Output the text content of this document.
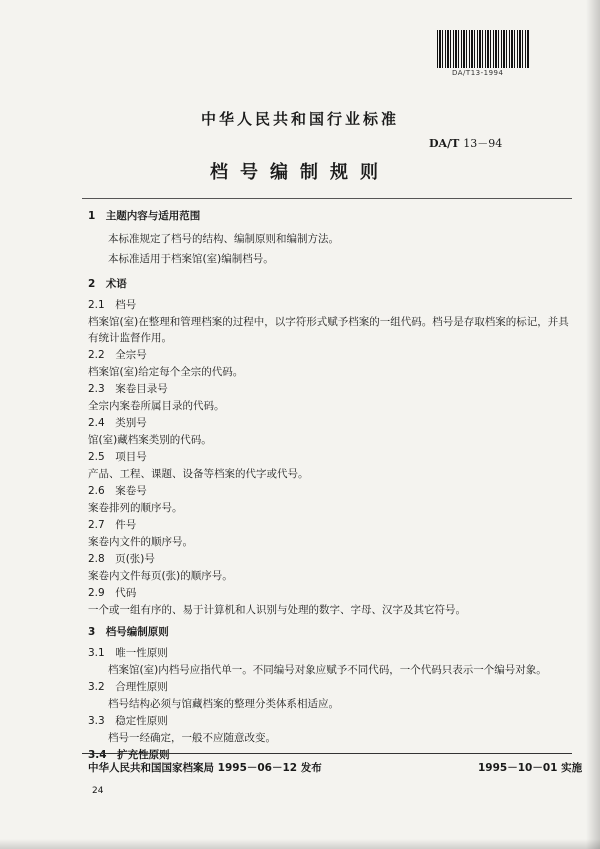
DA/T13-1994
中华人民共和国行业标准
DA/T 13－94
档号编制规则
1　主题内容与适用范围
本标准规定了档号的结构、编制原则和编制方法。
本标准适用于档案馆(室)编制档号。
2　术语
2.1　 档号
档案馆(室)在整理和管理档案的过程中，以字符形式赋予档案的一组代码。档号是存取档案的标记，并具
有统计监督作用。
2.2　 全宗号
档案馆(室)给定每个全宗的代码。
2.3　 案卷目录号
全宗内案卷所属目录的代码。
2.4　 类别号
馆(室)藏档案类别的代码。
2.5　 项目号
产品、工程、课题、设备等档案的代字或代号。
2.6　 案卷号
案卷排列的顺序号。
2.7　 件号
案卷内文件的顺序号。
2.8　 页(张)号
案卷内文件每页(张)的顺序号。
2.9　 代码
一个或一组有序的、易于计算机和人识别与处理的数字、字母、汉字及其它符号。
3　档号编制原则
3.1　 唯一性原则
档案馆(室)内档号应指代单一。不同编号对象应赋予不同代码，一个代码只表示一个编号对象。
3.2　 合理性原则
档号结构必须与馆藏档案的整理分类体系相适应。
3.3　 稳定性原则
档号一经确定，一般不应随意改变。
3.4　 扩充性原则
中华人民共和国国家档案局 1995－06－12 发布	1995－10－01 实施
24
